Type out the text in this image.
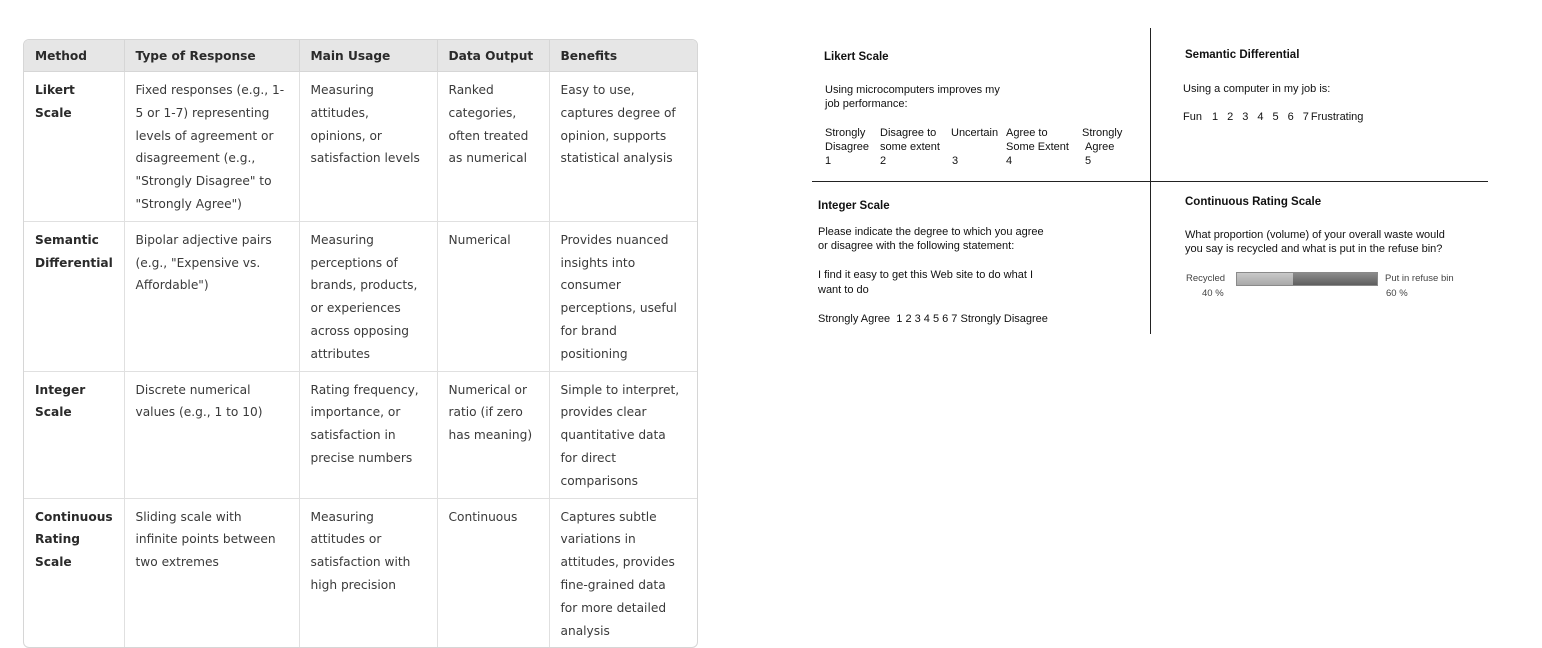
Method	Type of Response	Main Usage	Data Output	Benefits
Likert Scale	Fixed responses (e.g., 1-5 or 1-7) representing levels of agreement or disagreement (e.g., "Strongly Disagree" to "Strongly Agree")	Measuring attitudes, opinions, or satisfaction levels	Ranked categories, often treated as numerical	Easy to use, captures degree of opinion, supports statistical analysis
Semantic Differential	Bipolar adjective pairs (e.g., "Expensive vs. Affordable")	Measuring perceptions of brands, products, or experiences across opposing attributes	Numerical	Provides nuanced insights into consumer perceptions, useful for brand positioning
Integer Scale	Discrete numerical values (e.g., 1 to 10)	Rating frequency, importance, or satisfaction in precise numbers	Numerical or ratio (if zero has meaning)	Simple to interpret, provides clear quantitative data for direct comparisons
Continuous Rating Scale	Sliding scale with infinite points between two extremes	Measuring attitudes or satisfaction with high precision	Continuous	Captures subtle variations in attitudes, provides fine-grained data for more detailed analysis
Likert Scale
Using microcomputers improves my
job performance:
Strongly
Disagree
1
Disagree to
some extent
2
Uncertain

3
Agree to
Some Extent
4
Strongly
Agree
5
Semantic Differential
Using a computer in my job is:
Fun 1 2 3 4 5 6 7 Frustrating
Integer Scale
Please indicate the degree to which you agree
or disagree with the following statement:
I find it easy to get this Web site to do what I
want to do
Strongly Agree  1 2 3 4 5 6 7 Strongly Disagree
Continuous Rating Scale
What proportion (volume) of your overall waste would
you say is recycled and what is put in the refuse bin?
Recycled
40 %
Put in refuse bin
60 %
